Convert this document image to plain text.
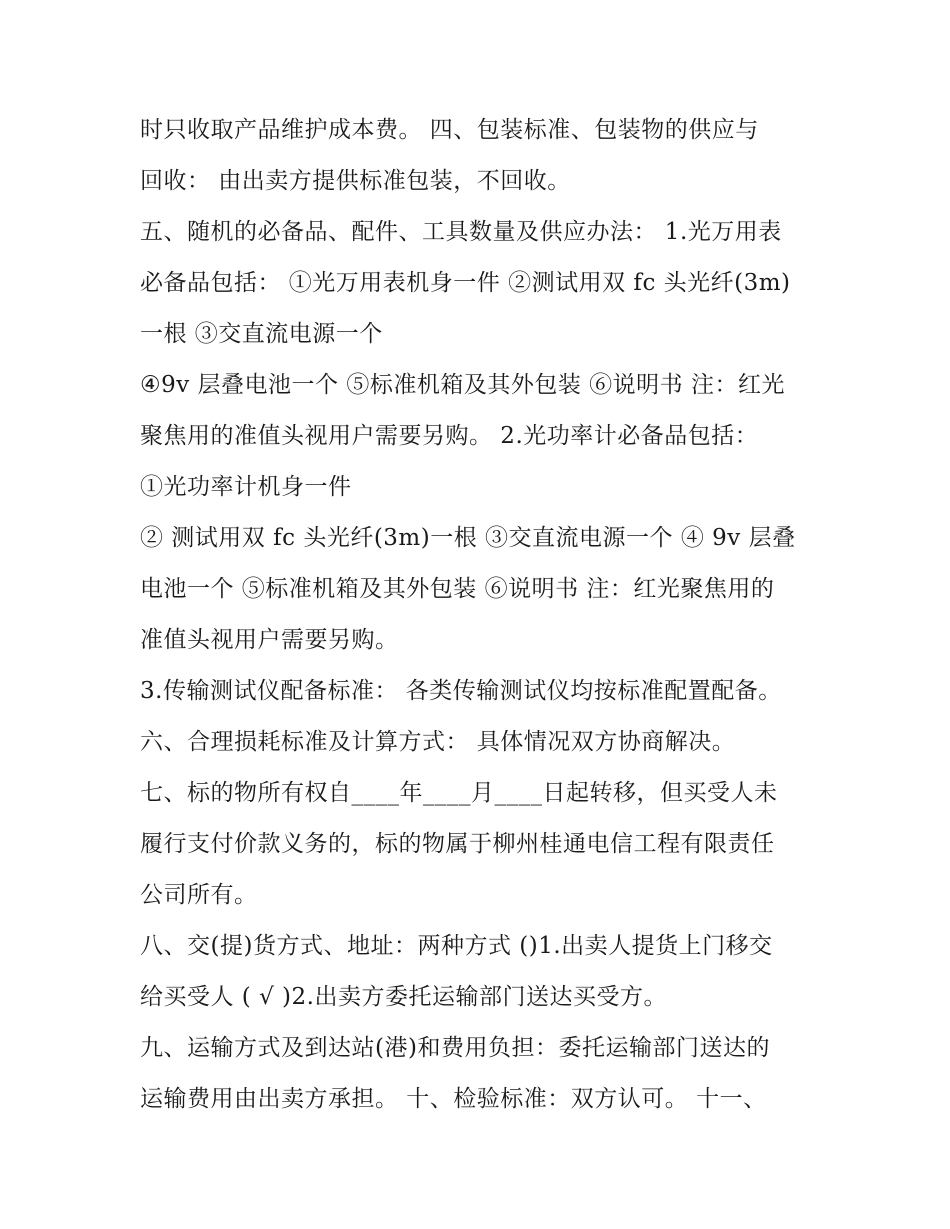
时只收取产品维护成本费。 四、包装标准、包装物的供应与
回收： 由出卖方提供标准包装，不回收。
五、随机的必备品、配件、工具数量及供应办法： 1.光万用表
必备品包括： ①光万用表机身一件 ②测试用双 fc 头光纤(3m)
一根 ③交直流电源一个
④9v 层叠电池一个 ⑤标准机箱及其外包装 ⑥说明书 注：红光
聚焦用的准值头视用户需要另购。 2.光功率计必备品包括：
①光功率计机身一件
② 测试用双 fc 头光纤(3m)一根 ③交直流电源一个 ④ 9v 层叠
电池一个 ⑤标准机箱及其外包装 ⑥说明书 注：红光聚焦用的
准值头视用户需要另购。
3.传输测试仪配备标准： 各类传输测试仪均按标准配置配备。
六、合理损耗标准及计算方式： 具体情况双方协商解决。
七、标的物所有权自____年____月____日起转移，但买受人未
履行支付价款义务的，标的物属于柳州桂通电信工程有限责任
公司所有。
八、交(提)货方式、地址：两种方式 ()1.出卖人提货上门移交
给买受人 ( √ )2.出卖方委托运输部门送达买受方。
九、运输方式及到达站(港)和费用负担：委托运输部门送达的
运输费用由出卖方承担。 十、检验标准：双方认可。 十一、
